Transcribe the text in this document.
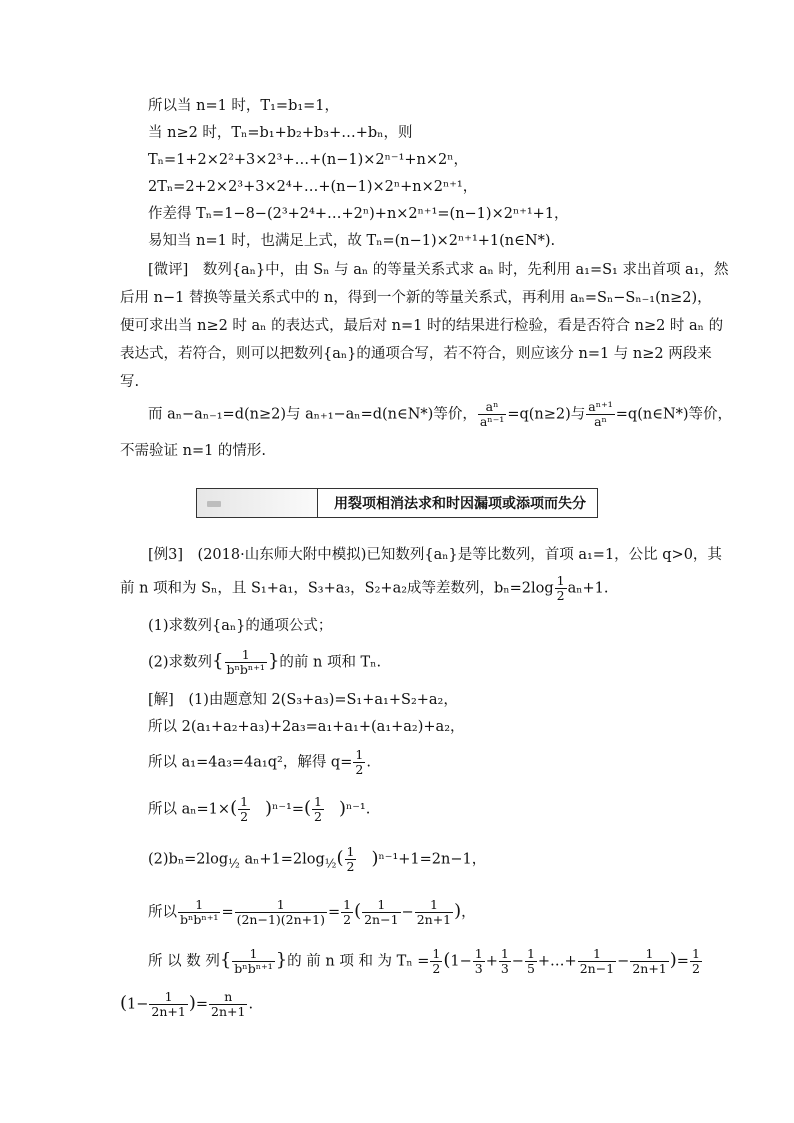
所以当 n=1 时，T₁=b₁=1，
当 n≥2 时，Tₙ=b₁+b₂+b₃+…+bₙ，则
Tₙ=1+2×2²+3×2³+…+(n−1)×2ⁿ⁻¹+n×2ⁿ，
2Tₙ=2+2×2³+3×2⁴+…+(n−1)×2ⁿ+n×2ⁿ⁺¹，
作差得 Tₙ=1−8−(2³+2⁴+…+2ⁿ)+n×2ⁿ⁺¹=(n−1)×2ⁿ⁺¹+1，
易知当 n=1 时，也满足上式，故 Tₙ=(n−1)×2ⁿ⁺¹+1(n∈N*).
[微评]　数列{aₙ}中，由 Sₙ 与 aₙ 的等量关系式求 aₙ 时，先利用 a₁=S₁ 求出首项 a₁，然
后用 n−1 替换等量关系式中的 n，得到一个新的等量关系式，再利用 aₙ=Sₙ−Sₙ₋₁(n≥2)，
便可求出当 n≥2 时 aₙ 的表达式，最后对 n=1 时的结果进行检验，看是否符合 n≥2 时 aₙ 的
表达式，若符合，则可以把数列{aₙ}的通项合写，若不符合，则应该分 n=1 与 n≥2 两段来
写.
而 aₙ−aₙ₋₁=d(n≥2)与 aₙ₊₁−aₙ=d(n∈N*)等价， $\frac{\text{aⁿ}}{\text{aⁿ⁻¹}} =q(n\ge 2)$与 $\frac{\text{aⁿ⁺¹}}{\text{aⁿ}}$ =q(n∈N*)等价，
不需验证 n=1 的情形.
用裂项相消法求和时因漏项或添项而失分
[例3]　(2018·山东师大附中模拟)已知数列{aₙ}是等比数列，首项 a₁=1，公比 q>0，其
前 n 项和为 Sₙ，且 S₁+a₁，S₃+a₃，S₂+a₂成等差数列，$b_n=2\log \frac{1}{2} a_n+1$.
(1)求数列{aₙ}的通项公式；
(2)求数列{ $\frac{1}{\text{bⁿbⁿ⁺¹}}$ }的前 n 项和 Tₙ.
[解]　(1)由题意知 2(S₃+a₃)=S₁+a₁+S₂+a₂，
所以 2(a₁+a₂+a₃)+2a₃=a₁+a₁+(a₁+a₂)+a₂，
所以 a₁=4a₃=4a₁q²，解得 $q= \frac{1}{2}$ .
所以 $a_n=1\times( \frac{1}{2} )^{n-1}=( \frac{1}{2} )^{n-1}$.
$(2)b_n=2\log_{\frac{1}{2}}$ $a_n+1=2\log_{\frac{1}{2}}( \frac{1}{2} )^{n-1}+1=2n-1$，
所以 $\frac{1}{\text{bⁿbⁿ⁺¹}} = \frac{1}{(2n-1)(2n+1)} = \frac{1}{2}$ ( $\frac{1}{2n-1} - \frac{1}{2n+1}$ )，
所 以 数 列{ $\frac{1}{\text{bⁿbⁿ⁺¹}}$ }的 前 n 项 和 为 $T_n = \frac{1}{2} (1- \frac{1}{3} + \frac{1}{3} - \frac{1}{5}$ +…+ $\frac{1}{2n-1} - \frac{1}{2n+1}$ )= $\frac{1}{2}$
($1- \frac{1}{2n+1}$ )= $\frac{n}{2n+1}$ .
